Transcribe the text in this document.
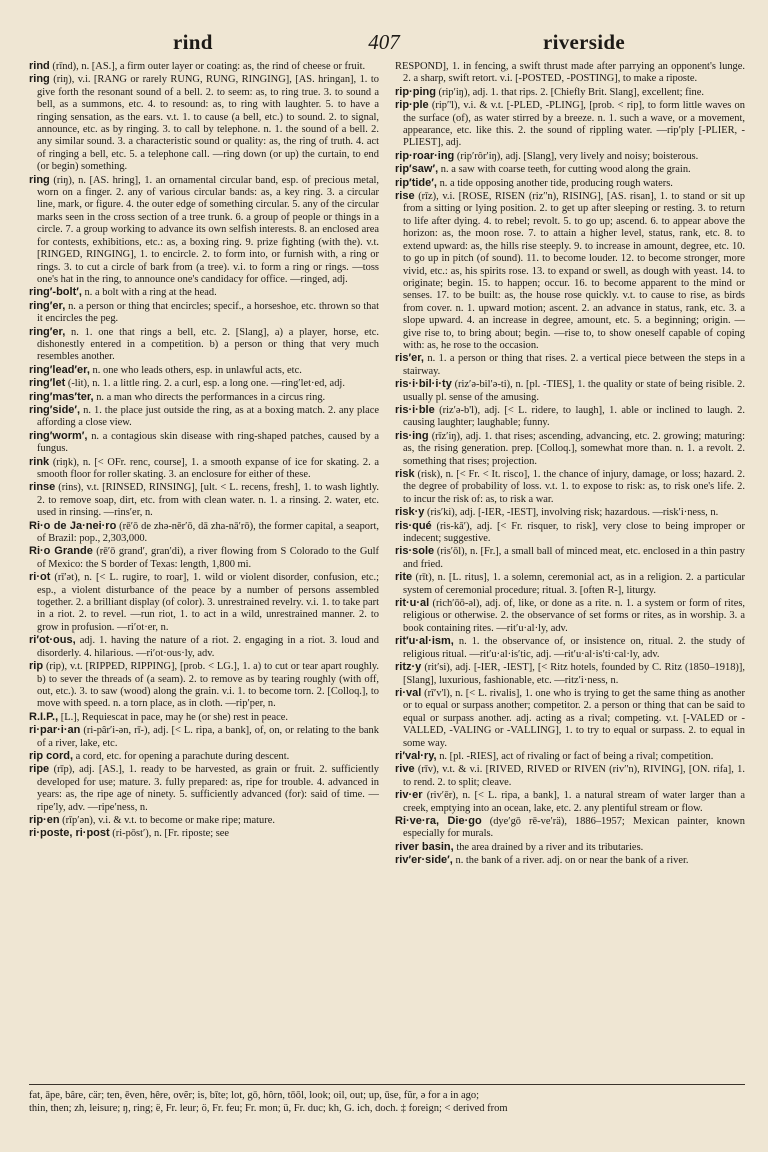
rind	407	riverside
rind (rīnd), n. [AS.], a firm outer layer or coating: as, the rind of cheese or fruit.
ring (riŋ), v.i. [RANG or rarely RUNG, RUNG, RINGING], [AS. hringan], 1. to give forth the resonant sound of a bell. 2. to seem: as, to ring true. 3. to sound a bell, as a summons, etc. 4. to resound: as, to ring with laughter. 5. to have a ringing sensation, as the ears. v.t. 1. to cause (a bell, etc.) to sound. 2. to signal, announce, etc. as by ringing. 3. to call by telephone. n. 1. the sound of a bell. 2. any similar sound. 3. a characteristic sound or quality: as, the ring of truth. 4. act of ringing a bell, etc. 5. a telephone call. —ring down (or up) the curtain, to end (or begin) something.
ring (riŋ), n. [AS. hring], 1. an ornamental circular band, esp. of precious metal, worn on a finger. 2. any of various circular bands: as, a key ring. 3. a circular line, mark, or figure. 4. the outer edge of something circular. 5. any of the circular marks seen in the cross section of a tree trunk. 6. a group of people or things in a circle. 7. a group working to advance its own selfish interests. 8. an enclosed area for contests, exhibitions, etc.: as, a boxing ring. 9. prize fighting (with the). v.t. [RINGED, RINGING], 1. to encircle. 2. to form into, or furnish with, a ring or rings. 3. to cut a circle of bark from (a tree). v.i. to form a ring or rings. —toss one's hat in the ring, to announce one's candidacy for office. —ringed, adj.
ring′-bolt′, n. a bolt with a ring at the head.
ring′er, n. a person or thing that encircles; specif., a horseshoe, etc. thrown so that it encircles the peg.
ring′er, n. 1. one that rings a bell, etc. 2. [Slang], a) a player, horse, etc. dishonestly entered in a competition. b) a person or thing that very much resembles another.
ring′lead′er, n. one who leads others, esp. in unlawful acts, etc.
ring′let (-lit), n. 1. a little ring. 2. a curl, esp. a long one. —ring′let·ed, adj.
ring′mas′ter, n. a man who directs the performances in a circus ring.
ring′side′, n. 1. the place just outside the ring, as at a boxing match. 2. any place affording a close view.
ring′worm′, n. a contagious skin disease with ring-shaped patches, caused by a fungus.
rink (riŋk), n. [< OFr. renc, course], 1. a smooth expanse of ice for skating. 2. a smooth floor for roller skating. 3. an enclosure for either of these.
rinse (rins), v.t. [RINSED, RINSING], [ult. < L. recens, fresh], 1. to wash lightly. 2. to remove soap, dirt, etc. from with clean water. n. 1. a rinsing. 2. water, etc. used in rinsing. —rins′er, n.
Ri·o de Ja·nei·ro (rē′ō de zhə-nēr′ō, dā zha-nā′rō), the former capital, a seaport, of Brazil: pop., 2,303,000.
Ri·o Grande (rē′ō grand′, gran′di), a river flowing from S Colorado to the Gulf of Mexico: the S border of Texas: length, 1,800 mi.
ri·ot (rī′ət), n. [< L. rugire, to roar], 1. wild or violent disorder, confusion, etc.; esp., a violent disturbance of the peace by a number of persons assembled together. 2. a brilliant display (of color). 3. unrestrained revelry. v.i. 1. to take part in a riot. 2. to revel. —run riot, 1. to act in a wild, unrestrained manner. 2. to grow in profusion. —ri′ot·er, n.
ri′ot·ous, adj. 1. having the nature of a riot. 2. engaging in a riot. 3. loud and disorderly. 4. hilarious. —ri′ot·ous·ly, adv.
rip (rip), v.t. [RIPPED, RIPPING], [prob. < LG.], 1. a) to cut or tear apart roughly. b) to sever the threads of (a seam). 2. to remove as by tearing roughly (with off, out, etc.). 3. to saw (wood) along the grain. v.i. 1. to become torn. 2. [Colloq.], to move with speed. n. a torn place, as in cloth. —rip′per, n.
R.I.P., [L.], Requiescat in pace, may he (or she) rest in peace.
ri·par·i·an (ri-pâr′i-ən, rī-), adj. [< L. ripa, a bank], of, on, or relating to the bank of a river, lake, etc.
rip cord, a cord, etc. for opening a parachute during descent.
ripe (rīp), adj. [AS.], 1. ready to be harvested, as grain or fruit. 2. sufficiently developed for use; mature. 3. fully prepared: as, ripe for trouble. 4. advanced in years: as, the ripe age of ninety. 5. sufficiently advanced (for): said of time. —ripe′ly, adv. —ripe′ness, n.
rip·en (rīp′ən), v.i. & v.t. to become or make ripe; mature.
ri·poste, ri·post (ri-pōst′), n. [Fr. riposte; see
RESPOND], 1. in fencing, a swift thrust made after parrying an opponent's lunge. 2. a sharp, swift retort. v.i. [-POSTED, -POSTING], to make a riposte.
rip·ping (rip′iŋ), adj. 1. that rips. 2. [Chiefly Brit. Slang], excellent; fine.
rip·ple (rip′'l), v.i. & v.t. [-PLED, -PLING], [prob. < rip], to form little waves on the surface (of), as water stirred by a breeze. n. 1. such a wave, or a movement, appearance, etc. like this. 2. the sound of rippling water. —rip′ply [-PLIER, -PLIEST], adj.
rip·roar·ing (rip′rôr′iŋ), adj. [Slang], very lively and noisy; boisterous.
rip′saw′, n. a saw with coarse teeth, for cutting wood along the grain.
rip′tide′, n. a tide opposing another tide, producing rough waters.
rise (rīz), v.i. [ROSE, RISEN (riz′'n), RISING], [AS. risan], 1. to stand or sit up from a sitting or lying position. 2. to get up after sleeping or resting. 3. to return to life after dying. 4. to rebel; revolt. 5. to go up; ascend. 6. to appear above the horizon: as, the moon rose. 7. to attain a higher level, status, rank, etc. 8. to extend upward: as, the hills rise steeply. 9. to increase in amount, degree, etc. 10. to go up in pitch (of sound). 11. to become louder. 12. to become stronger, more vivid, etc.: as, his spirits rose. 13. to expand or swell, as dough with yeast. 14. to originate; begin. 15. to happen; occur. 16. to become apparent to the mind or senses. 17. to be built: as, the house rose quickly. v.t. to cause to rise, as birds from cover. n. 1. upward motion; ascent. 2. an advance in status, rank, etc. 3. a slope upward. 4. an increase in degree, amount, etc. 5. a beginning; origin. —give rise to, to bring about; begin. —rise to, to show oneself capable of coping with: as, he rose to the occasion.
ris′er, n. 1. a person or thing that rises. 2. a vertical piece between the steps in a stairway.
ris·i·bil·i·ty (riz′ə-bil′ə-ti), n. [pl. -TIES], 1. the quality or state of being risible. 2. usually pl. sense of the amusing.
ris·i·ble (riz′ə-b'l), adj. [< L. ridere, to laugh], 1. able or inclined to laugh. 2. causing laughter; laughable; funny.
ris·ing (rīz′iŋ), adj. 1. that rises; ascending, advancing, etc. 2. growing; maturing: as, the rising generation. prep. [Colloq.], somewhat more than. n. 1. a revolt. 2. something that rises; projection.
risk (risk), n. [< Fr. < It. risco], 1. the chance of injury, damage, or loss; hazard. 2. the degree of probability of loss. v.t. 1. to expose to risk: as, to risk one's life. 2. to incur the risk of: as, to risk a war.
risk·y (ris′ki), adj. [-IER, -IEST], involving risk; hazardous. —risk′i·ness, n.
ris·qué (ris-kā′), adj. [< Fr. risquer, to risk], very close to being improper or indecent; suggestive.
ris·sole (ris′ōl), n. [Fr.], a small ball of minced meat, etc. enclosed in a thin pastry and fried.
rite (rīt), n. [L. ritus], 1. a solemn, ceremonial act, as in a religion. 2. a particular system of ceremonial procedure; ritual. 3. [often R-], liturgy.
rit·u·al (rich′ōō-əl), adj. of, like, or done as a rite. n. 1. a system or form of rites, religious or otherwise. 2. the observance of set forms or rites, as in worship. 3. a book containing rites. —rit′u·al·ly, adv.
rit′u·al·ism, n. 1. the observance of, or insistence on, ritual. 2. the study of religious ritual. —rit′u·al·is′tic, adj. —rit′u·al·is′ti·cal·ly, adv.
ritz·y (rit′si), adj. [-IER, -IEST], [< Ritz hotels, founded by C. Ritz (1850–1918)], [Slang], luxurious, fashionable, etc. —ritz′i·ness, n.
ri·val (rī′v'l), n. [< L. rivalis], 1. one who is trying to get the same thing as another or to equal or surpass another; competitor. 2. a person or thing that can be said to equal or surpass another. adj. acting as a rival; competing. v.t. [-VALED or -VALLED, -VALING or -VALLING], 1. to try to equal or surpass. 2. to equal in some way.
ri′val·ry, n. [pl. -RIES], act of rivaling or fact of being a rival; competition.
rive (rīv), v.t. & v.i. [RIVED, RIVED or RIVEN (riv′'n), RIVING], [ON. rifa], 1. to rend. 2. to split; cleave.
riv·er (riv′ēr), n. [< L. ripa, a bank], 1. a natural stream of water larger than a creek, emptying into an ocean, lake, etc. 2. any plentiful stream or flow.
Ri·ve·ra, Die·go (dye′gō rē-ve′rä), 1886–1957; Mexican painter, known especially for murals.
river basin, the area drained by a river and its tributaries.
riv′er·side′, n. the bank of a river. adj. on or near the bank of a river.
fat, āpe, bâre, cär; ten, ēven, hêre, ovẽr; is, bīte; lot, gō, hôrn, tōōl, look; oil, out; up, ūse, fũr, ə for a in ago;
thin, then; zh, leisure; ŋ, ring; ë, Fr. leur; ö, Fr. feu; Fr. mon; ü, Fr. duc; kh, G. ich, doch. ‡ foreign; < derived from
